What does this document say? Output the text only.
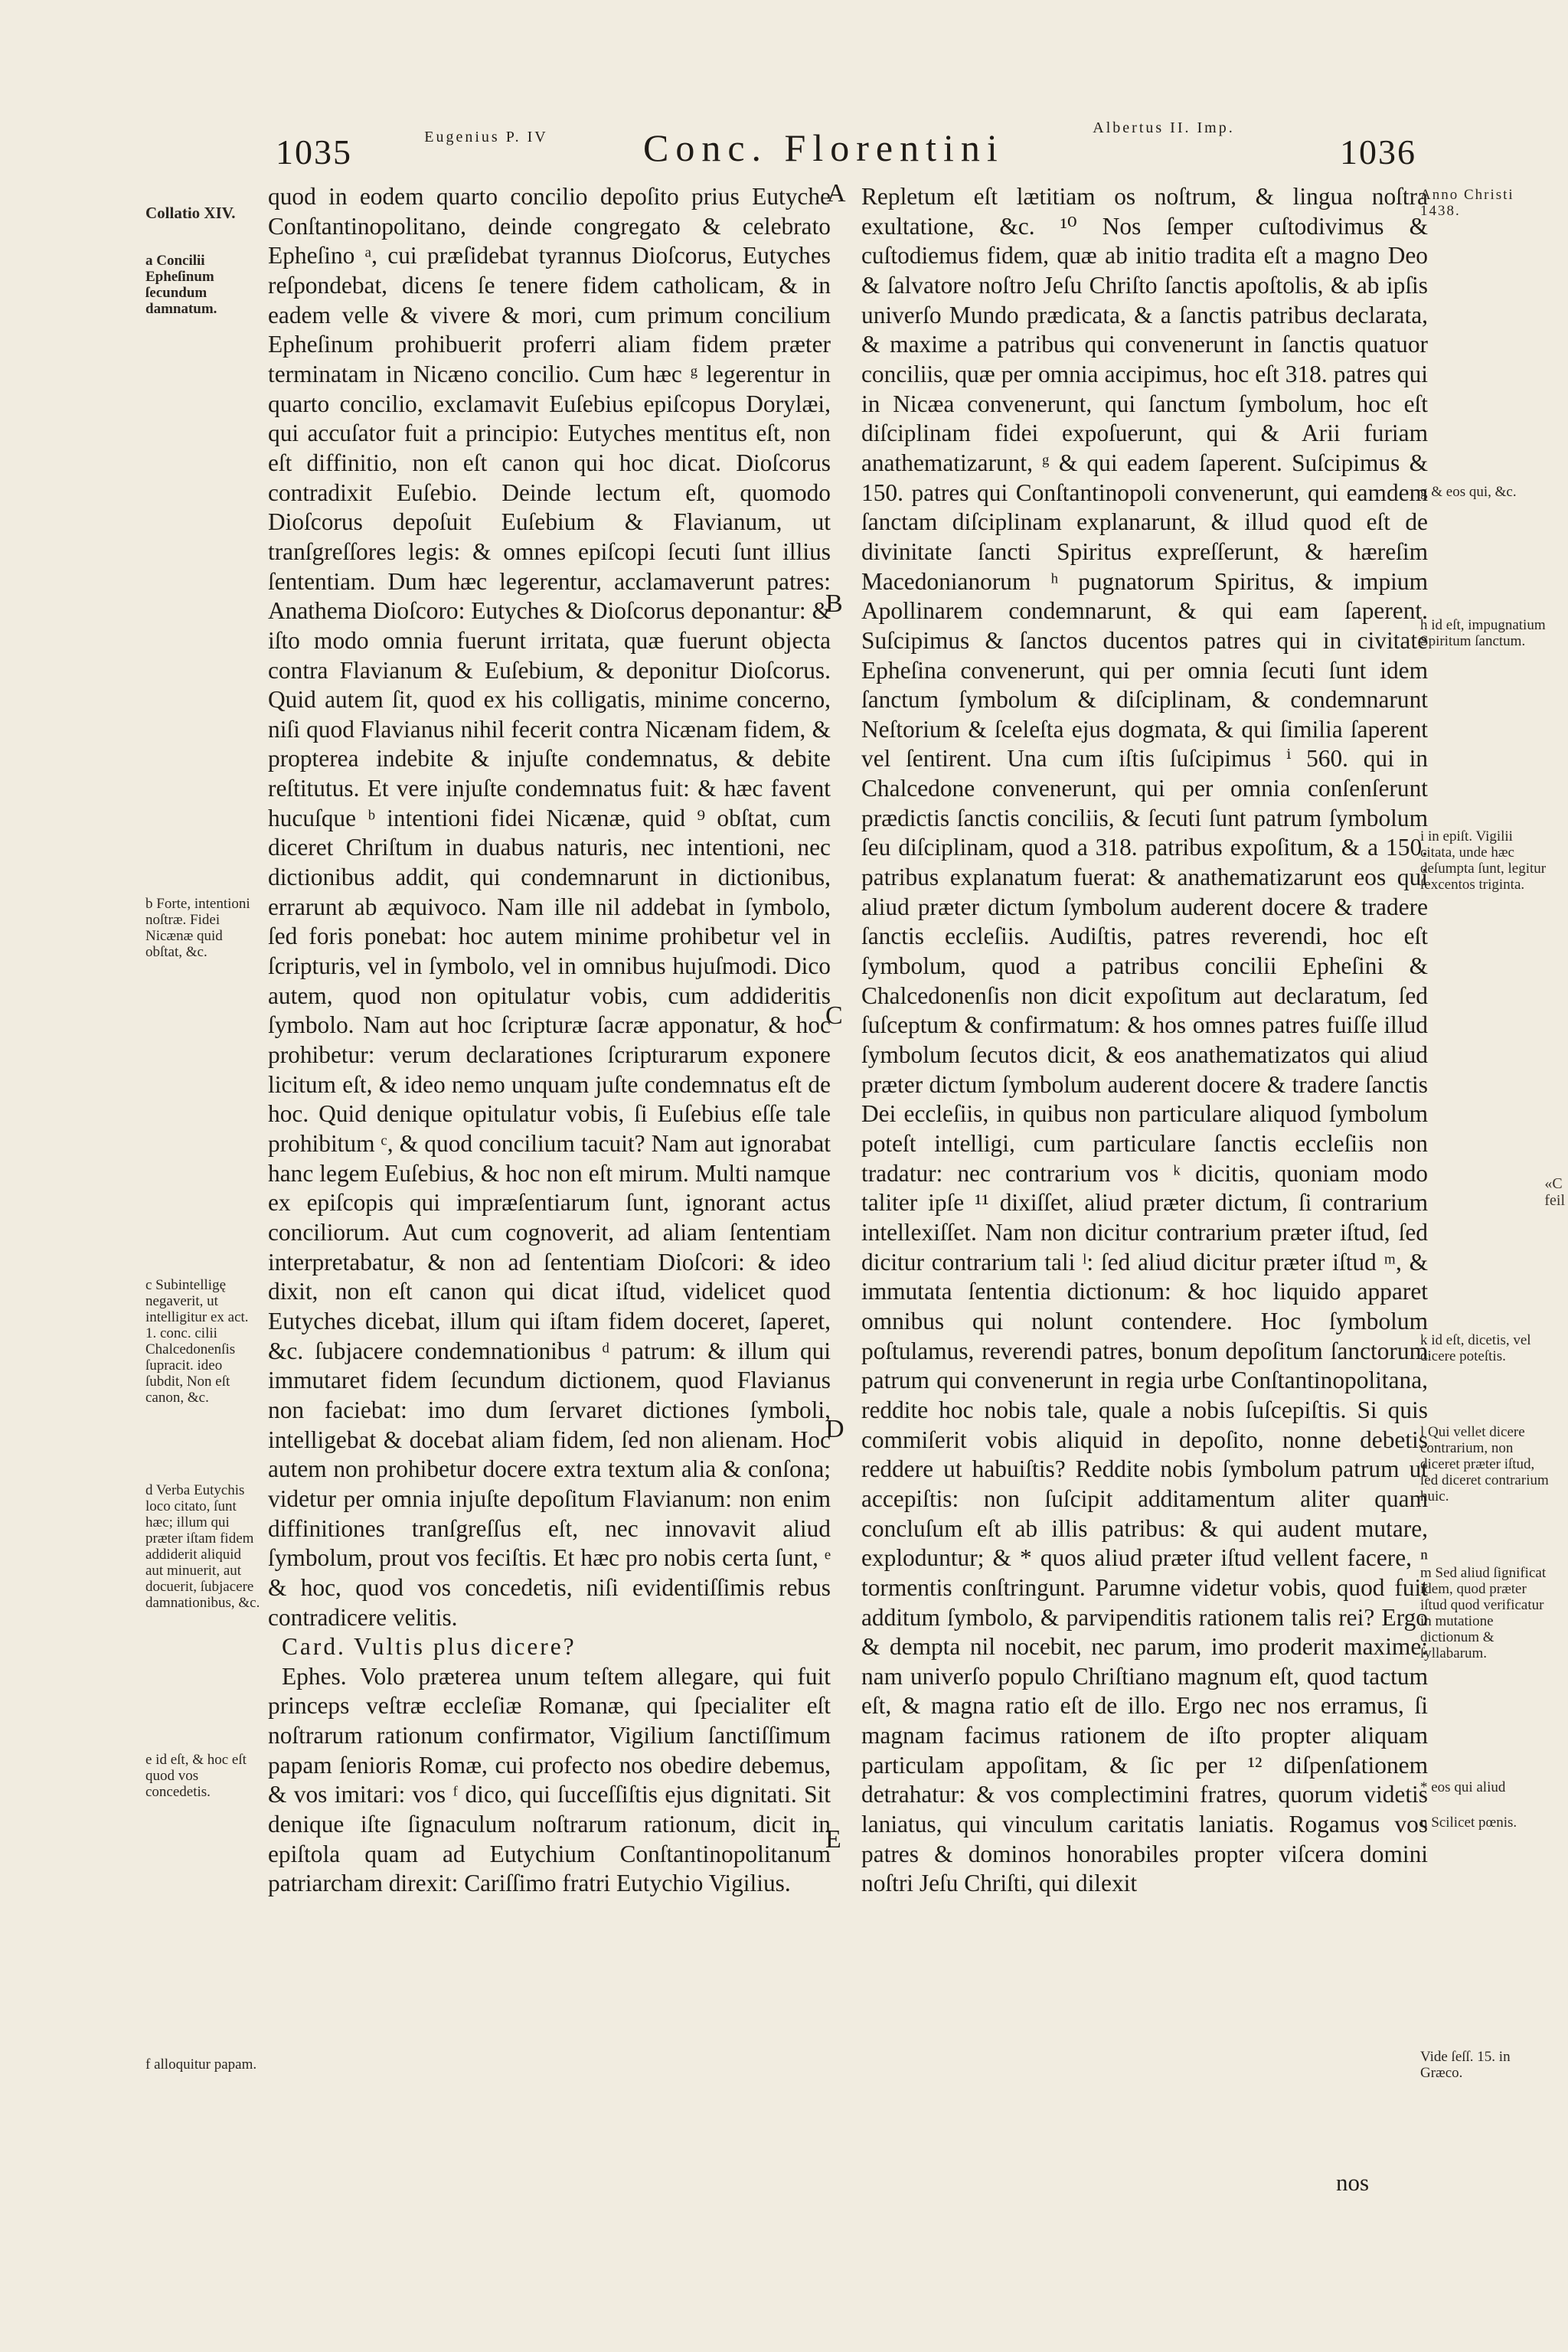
1035	Eugenius P. IV Conc. Florentini	Albertus II. Imp.
1036
Collatio XIV.
a Concilii Epheſinum ſecundum damnatum.
b Forte, intentioni noſtræ. Fidei Nicænæ quid obſtat, &c.
c Subintelligę negaverit, ut intelligitur ex act. 1. conc. cilii Chalcedonenſis ſupracit. ideo ſubdit, Non eſt canon, &c.
d Verba Eutychis loco citato, ſunt hæc; illum qui præter iſtam fidem addiderit aliquid aut minuerit, aut docuerit, ſubjacere damnationibus, &c.
e id eſt, & hoc eſt quod vos concedetis.
f alloquitur papam.
Anno Christi 1438.
g & eos qui, &c.
h id eſt, impugnatium Spiritum ſanctum.
i in epiſt. Vigilii citata, unde hæc deſumpta ſunt, legitur ſexcentos triginta.
k id eſt, dicetis, vel dicere poteſtis.
l Qui vellet dicere contrarium, non diceret præter iſtud, ſed diceret contrarium huic.
m Sed aliud ſignificat idem, quod præter iſtud quod verificatur in mutatione dictionum & ſyllabarum.
* eos qui aliud
n Scilicet pœnis.
Vide ſeſſ. 15. in Græco.

quod in eodem quarto concilio depoſito prius Eutyche Conſtantinopolitano, deinde congregato & celebrato Epheſino ᵃ, cui præſidebat tyrannus Dioſcorus, Eutyches reſpondebat, dicens ſe tenere fidem catholicam, & in eadem velle & vivere & mori, cum primum concilium Epheſinum prohibuerit proferri aliam fidem præter terminatam in Nicæno concilio. Cum hæc ᵍ legerentur in quarto concilio, exclamavit Euſebius epiſcopus Dorylæi, qui accuſator fuit a principio: Eutyches mentitus eſt, non eſt diffinitio, non eſt canon qui hoc dicat. Dioſcorus contradixit Euſebio. Deinde lectum eſt, quomodo Dioſcorus depoſuit Euſebium & Flavianum, ut tranſgreſſores legis: & omnes epiſcopi ſecuti ſunt illius ſententiam. Dum hæc legerentur, acclamaverunt patres: Anathema Dioſcoro: Eutyches & Dioſcorus deponantur: & iſto modo omnia fuerunt irritata, quæ fuerunt objecta contra Flavianum & Euſebium, & deponitur Dioſcorus. Quid autem ſit, quod ex his colligatis, minime concerno, niſi quod Flavianus nihil fecerit contra Nicænam fidem, & propterea indebite & injuſte condemnatus, & debite reſtitutus. Et vere injuſte condemnatus fuit: & hæc favent hucuſque ᵇ intentioni fidei Nicænæ, quid ⁹ obſtat, cum diceret Chriſtum in duabus naturis, nec intentioni, nec dictionibus addit, qui condemnarunt in dictionibus, errarunt ab æquivoco. Nam ille nil addebat in ſymbolo, ſed foris ponebat: hoc autem minime prohibetur vel in ſcripturis, vel in ſymbolo, vel in omnibus hujuſmodi. Dico autem, quod non opitulatur vobis, cum addideritis ſymbolo. Nam aut hoc ſcripturæ ſacræ apponatur, & hoc prohibetur: verum declarationes ſcripturarum exponere licitum eſt, & ideo nemo unquam juſte condemnatus eſt de hoc. Quid denique opitulatur vobis, ſi Euſebius eſſe tale prohibitum ᶜ, & quod concilium tacuit? Nam aut ignorabat hanc legem Euſebius, & hoc non eſt mirum. Multi namque ex epiſcopis qui impræſentiarum ſunt, ignorant actus conciliorum. Aut cum cognoverit, ad aliam ſententiam interpretabatur, & non ad ſententiam Dioſcori: & ideo dixit, non eſt canon qui dicat iſtud, videlicet quod Eutyches dicebat, illum qui iſtam fidem doceret, ſaperet, &c. ſubjacere condemnationibus ᵈ patrum: & illum qui immutaret fidem ſecundum dictionem, quod Flavianus non faciebat: imo dum ſervaret dictiones ſymboli, intelligebat & docebat aliam fidem, ſed non alienam. Hoc autem non prohibetur docere extra textum alia & conſona; videtur per omnia injuſte depoſitum Flavianum: non enim diffinitiones tranſgreſſus eſt, nec innovavit aliud ſymbolum, prout vos feciſtis. Et hæc pro nobis certa ſunt, ᵉ & hoc, quod vos concedetis, niſi evidentiſſimis rebus contradicere velitis.

Card. Vultis plus dicere?

Ephes. Volo præterea unum teſtem allegare, qui fuit princeps veſtræ eccleſiæ Romanæ, qui ſpecialiter eſt noſtrarum rationum confirmator, Vigilium ſanctiſſimum papam ſenioris Romæ, cui profecto nos obedire debemus, & vos imitari: vos ᶠ dico, qui ſucceſſiſtis ejus dignitati. Sit denique iſte ſignaculum noſtrarum rationum, dicit in epiſtola quam ad Eutychium Conſtantinopolitanum patriarcham direxit: Cariſſimo fratri Eutychio Vigilius.

Repletum eſt lætitiam os noſtrum, & lingua noſtra exultatione, &c. ¹⁰ Nos ſemper cuſtodivimus & cuſtodiemus fidem, quæ ab initio tradita eſt a magno Deo & ſalvatore noſtro Jeſu Chriſto ſanctis apoſtolis, & ab ipſis univerſo Mundo prædicata, & a ſanctis patribus declarata, & maxime a patribus qui convenerunt in ſanctis quatuor conciliis, quæ per omnia accipimus, hoc eſt 318. patres qui in Nicæa convenerunt, qui ſanctum ſymbolum, hoc eſt diſciplinam fidei expoſuerunt, qui & Arii furiam anathematizarunt, ᵍ & qui eadem ſaperent. Suſcipimus & 150. patres qui Conſtantinopoli convenerunt, qui eamdem ſanctam diſciplinam explanarunt, & illud quod eſt de divinitate ſancti Spiritus expreſſerunt, & hæreſim Macedonianorum ʰ pugnatorum Spiritus, & impium Apollinarem condemnarunt, & qui eam ſaperent. Suſcipimus & ſanctos ducentos patres qui in civitate Epheſina convenerunt, qui per omnia ſecuti ſunt idem ſanctum ſymbolum & diſciplinam, & condemnarunt Neſtorium & ſceleſta ejus dogmata, & qui ſimilia ſaperent vel ſentirent. Una cum iſtis ſuſcipimus ⁱ 560. qui in Chalcedone convenerunt, qui per omnia conſenſerunt prædictis ſanctis conciliis, & ſecuti ſunt patrum ſymbolum ſeu diſciplinam, quod a 318. patribus expoſitum, & a 150. patribus explanatum fuerat: & anathematizarunt eos qui aliud præter dictum ſymbolum auderent docere & tradere ſanctis eccleſiis. Audiſtis, patres reverendi, hoc eſt ſymbolum, quod a patribus concilii Epheſini & Chalcedonenſis non dicit expoſitum aut declaratum, ſed ſuſceptum & confirmatum: & hos omnes patres fuiſſe illud ſymbolum ſecutos dicit, & eos anathematizatos qui aliud præter dictum ſymbolum auderent docere & tradere ſanctis Dei eccleſiis, in quibus non particulare aliquod ſymbolum poteſt intelligi, cum particulare ſanctis eccleſiis non tradatur: nec contrarium vos ᵏ dicitis, quoniam modo taliter ipſe ¹¹ dixiſſet, aliud præter dictum, ſi contrarium intellexiſſet. Nam non dicitur contrarium præter iſtud, ſed dicitur contrarium tali ˡ: ſed aliud dicitur præter iſtud ᵐ, & immutata ſententia dictionum: & hoc liquido apparet omnibus qui nolunt contendere. Hoc ſymbolum poſtulamus, reverendi patres, bonum depoſitum ſanctorum patrum qui convenerunt in regia urbe Conſtantinopolitana, reddite hoc nobis tale, quale a nobis ſuſcepiſtis. Si quis commiſerit vobis aliquid in depoſito, nonne debetis reddere ut habuiſtis? Reddite nobis ſymbolum patrum ut accepiſtis: non ſuſcipit additamentum aliter quam concluſum eſt ab illis patribus: & qui audent mutare, exploduntur; & * quos aliud præter iſtud vellent facere, ⁿ tormentis conſtringunt. Parumne videtur vobis, quod fuit additum ſymbolo, & parvipenditis rationem talis rei? Ergo & dempta nil nocebit, nec parum, imo proderit maxime: nam univerſo populo Chriſtiano magnum eſt, quod tactum eſt, & magna ratio eſt de illo. Ergo nec nos erramus, ſi magnam facimus rationem de iſto propter aliquam particulam appoſitam, & ſic per ¹² diſpenſationem detrahatur: & vos complectimini fratres, quorum videtis laniatus, qui vinculum caritatis laniatis. Rogamus vos patres & dominos honorabiles propter viſcera domini noſtri Jeſu Chriſti, qui dilexit

A
B
C
D
E
nos
«C
feil
